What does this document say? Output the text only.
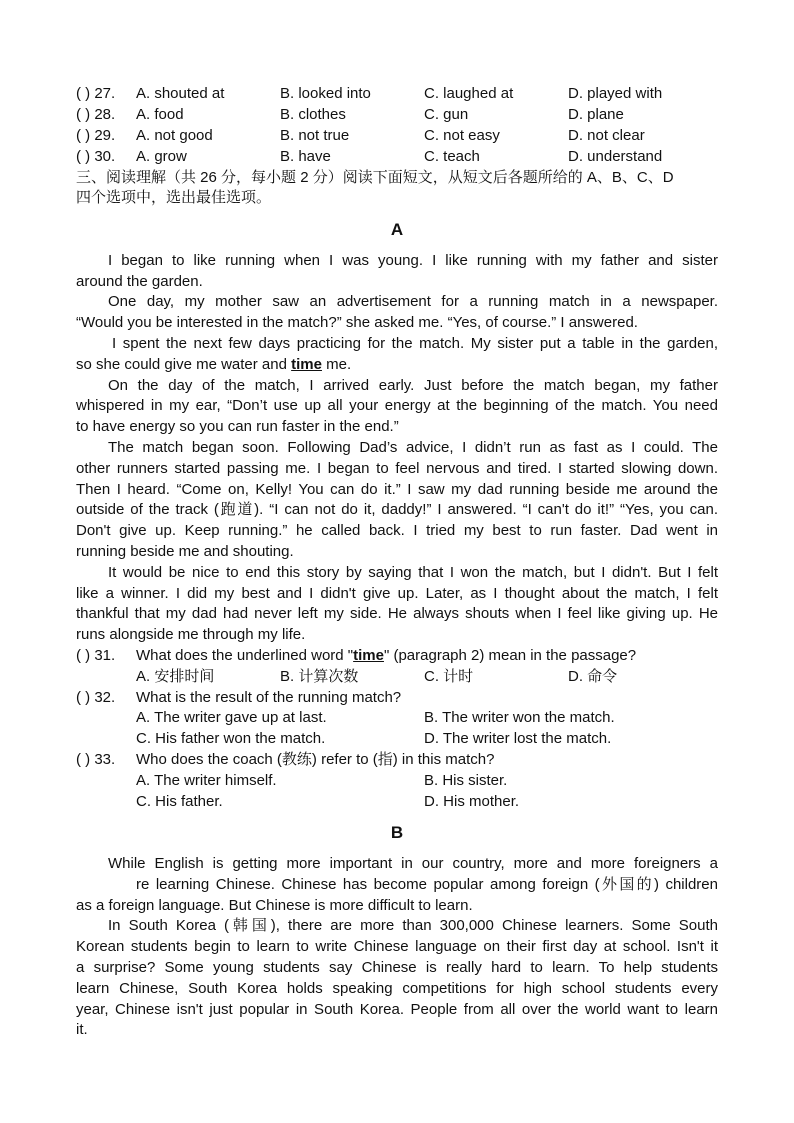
( ) 27. A. shouted at	B. looked into	C. laughed at	D. played with
( ) 28. A. food	B. clothes	C. gun	D. plane
( ) 29. A. not good	B. not true	C. not easy	D. not clear
( ) 30. A. grow	B. have	C. teach	D. understand
三、阅读理解（共 26 分，每小题 2 分）阅读下面短文，从短文后各题所给的 A、B、C、D
四个选项中，选出最佳选项。
A
I began to like running when I was young. I like running with my father and sister
around the garden.
One day, my mother saw an advertisement for a running match in a newspaper.
“Would you be interested in the match?” she asked me. “Yes, of course.” I answered.
I spent the next few days practicing for the match. My sister put a table in the garden,
so she could give me water and time me.
On the day of the match, I arrived early. Just before the match began, my father
whispered in my ear, “Don’t use up all your energy at the beginning of the match. You need
to have energy so you can run faster in the end.”
The match began soon. Following Dad’s advice, I didn’t run as fast as I could. The
other runners started passing me. I began to feel nervous and tired. I started slowing down.
Then I heard. “Come on, Kelly! You can do it.” I saw my dad running beside me around the
outside of the track (跑道). “I can not do it, daddy!” I answered. “I can't do it!” “Yes, you can.
Don't give up. Keep running.” he called back. I tried my best to run faster. Dad went in
running beside me and shouting.
It would be nice to end this story by saying that I won the match, but I didn't. But I felt
like a winner. I did my best and I didn't give up. Later, as I thought about the match, I felt
thankful that my dad had never left my side. He always shouts when I feel like giving up. He
runs alongside me through my life.
( ) 31. What does the underlined word "time" (paragraph 2) mean in the passage?
A. 安排时间	B. 计算次数	C. 计时	D. 命令
( ) 32. What is the result of the running match?
A. The writer gave up at last.	B. The writer won the match.
C. His father won the match.	D. The writer lost the match.
( ) 33. Who does the coach (教练) refer to (指) in this match?
A. The writer himself.	B. His sister.
C. His father.	D. His mother.
B
While English is getting more important in our country, more and more foreigners a
re learning Chinese. Chinese has become popular among foreign (外国的) children
as a foreign language. But Chinese is more difficult to learn.
In South Korea (韩国), there are more than 300,000 Chinese learners. Some South
Korean students begin to learn to write Chinese language on their first day at school. Isn't it
a surprise? Some young students say Chinese is really hard to learn. To help students
learn Chinese, South Korea holds speaking competitions for high school students every
year, Chinese isn't just popular in South Korea. People from all over the world want to learn
it.
